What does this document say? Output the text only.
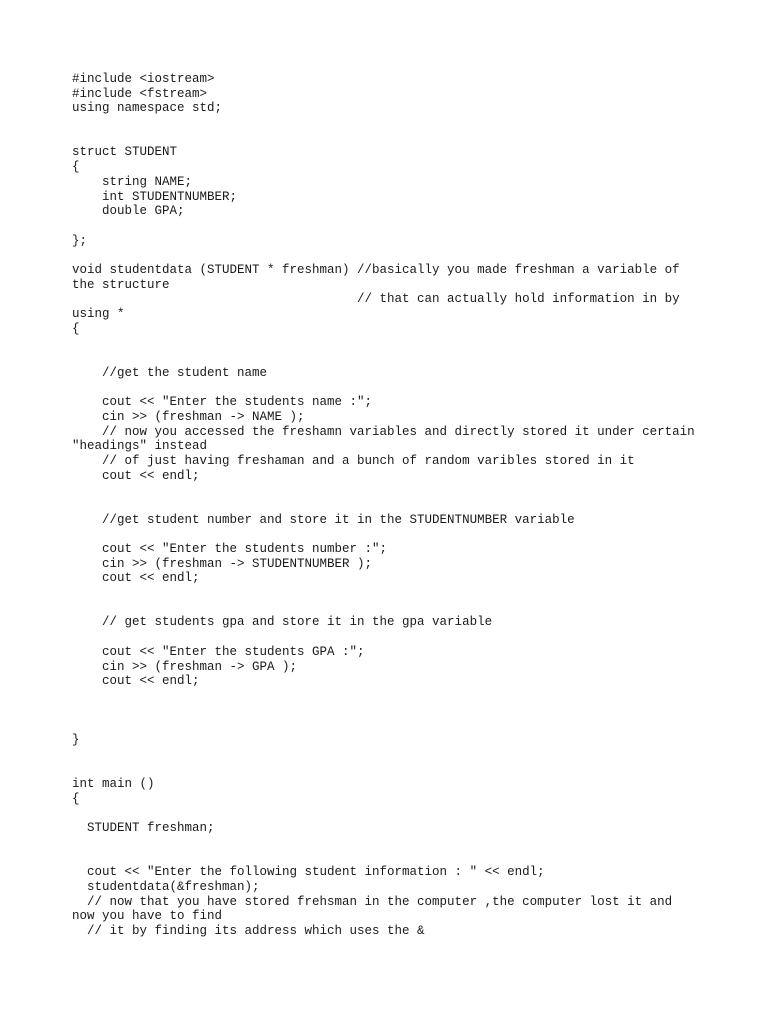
#include <iostream>
#include <fstream>
using namespace std;
struct STUDENT
{
string NAME;
int STUDENTNUMBER;
double GPA;
};
void studentdata (STUDENT * freshman) //basically you made freshman a variable of
the structure
// that can actually hold information in by
using *
{
//get the student name
cout << "Enter the students name :";
cin >> (freshman -> NAME );
// now you accessed the freshamn variables and directly stored it under certain
"headings" instead
// of just having freshaman and a bunch of random varibles stored in it
cout << endl;
//get student number and store it in the STUDENTNUMBER variable
cout << "Enter the students number :";
cin >> (freshman -> STUDENTNUMBER );
cout << endl;
// get students gpa and store it in the gpa variable
cout << "Enter the students GPA :";
cin >> (freshman -> GPA );
cout << endl;
}
int main ()
{
STUDENT freshman;
cout << "Enter the following student information : " << endl;
studentdata(&freshman);
// now that you have stored frehsman in the computer ,the computer lost it and
now you have to find
// it by finding its address which uses the &
